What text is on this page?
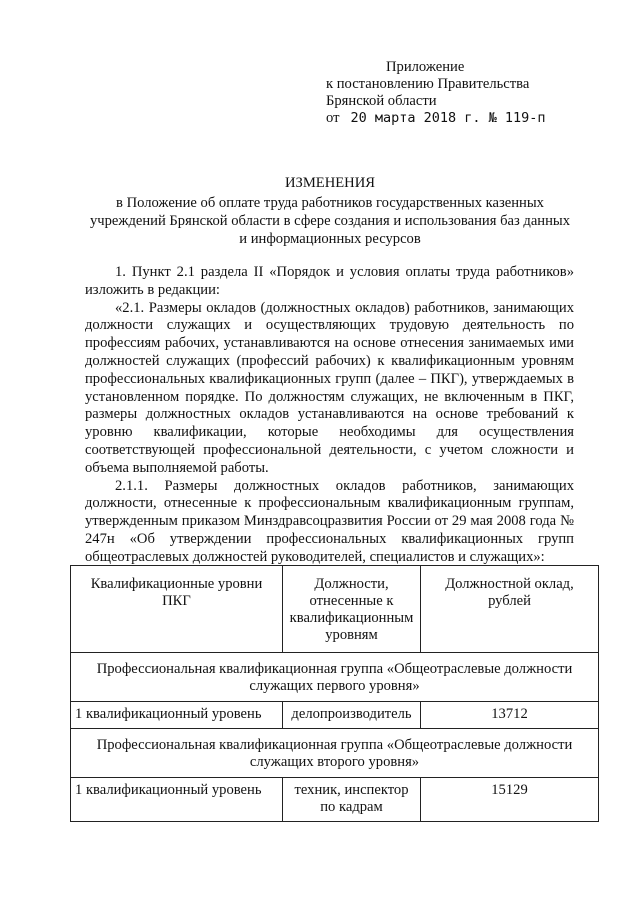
Приложение
к постановлению Правительства
Брянской области
от 20 марта 2018 г. № 119-п
ИЗМЕНЕНИЯ
в Положение об оплате труда работников государственных казенных
учреждений Брянской области в сфере создания и использования баз данных
и информационных ресурсов

1. Пункт 2.1 раздела II «Порядок и условия оплаты труда работников» изложить в редакции:

«2.1. Размеры окладов (должностных окладов) работников, занимающих должности служащих и осуществляющих трудовую деятельность по профессиям рабочих, устанавливаются на основе отнесения занимаемых ими должностей служащих (профессий рабочих) к квалификационным уровням профессиональных квалификационных групп (далее – ПКГ), утверждаемых в установленном порядке. По должностям служащих, не включенным в ПКГ, размеры должностных окладов устанавливаются на основе требований к уровню квалификации, которые необходимы для осуществления соответствующей профессиональной деятельности, с учетом сложности и объема выполняемой работы.

2.1.1. Размеры должностных окладов работников, занимающих должности, отнесенные к профессиональным квалификационным группам, утвержденным приказом Минздравсоцразвития России от 29 мая 2008 года № 247н «Об утверждении профессиональных квалификационных групп общеотраслевых должностей руководителей, специалистов и служащих»:

Квалификационные уровни ПКГ	Должности, отнесенные к квалификационным уровням	Должностной оклад, рублей
Профессиональная квалификационная группа «Общеотраслевые должности служащих первого уровня»		
1 квалификационный уровень	делопроизводитель	13712
Профессиональная квалификационная группа «Общеотраслевые должности служащих второго уровня»		
1 квалификационный уровень	техник, инспектор по кадрам	15129
